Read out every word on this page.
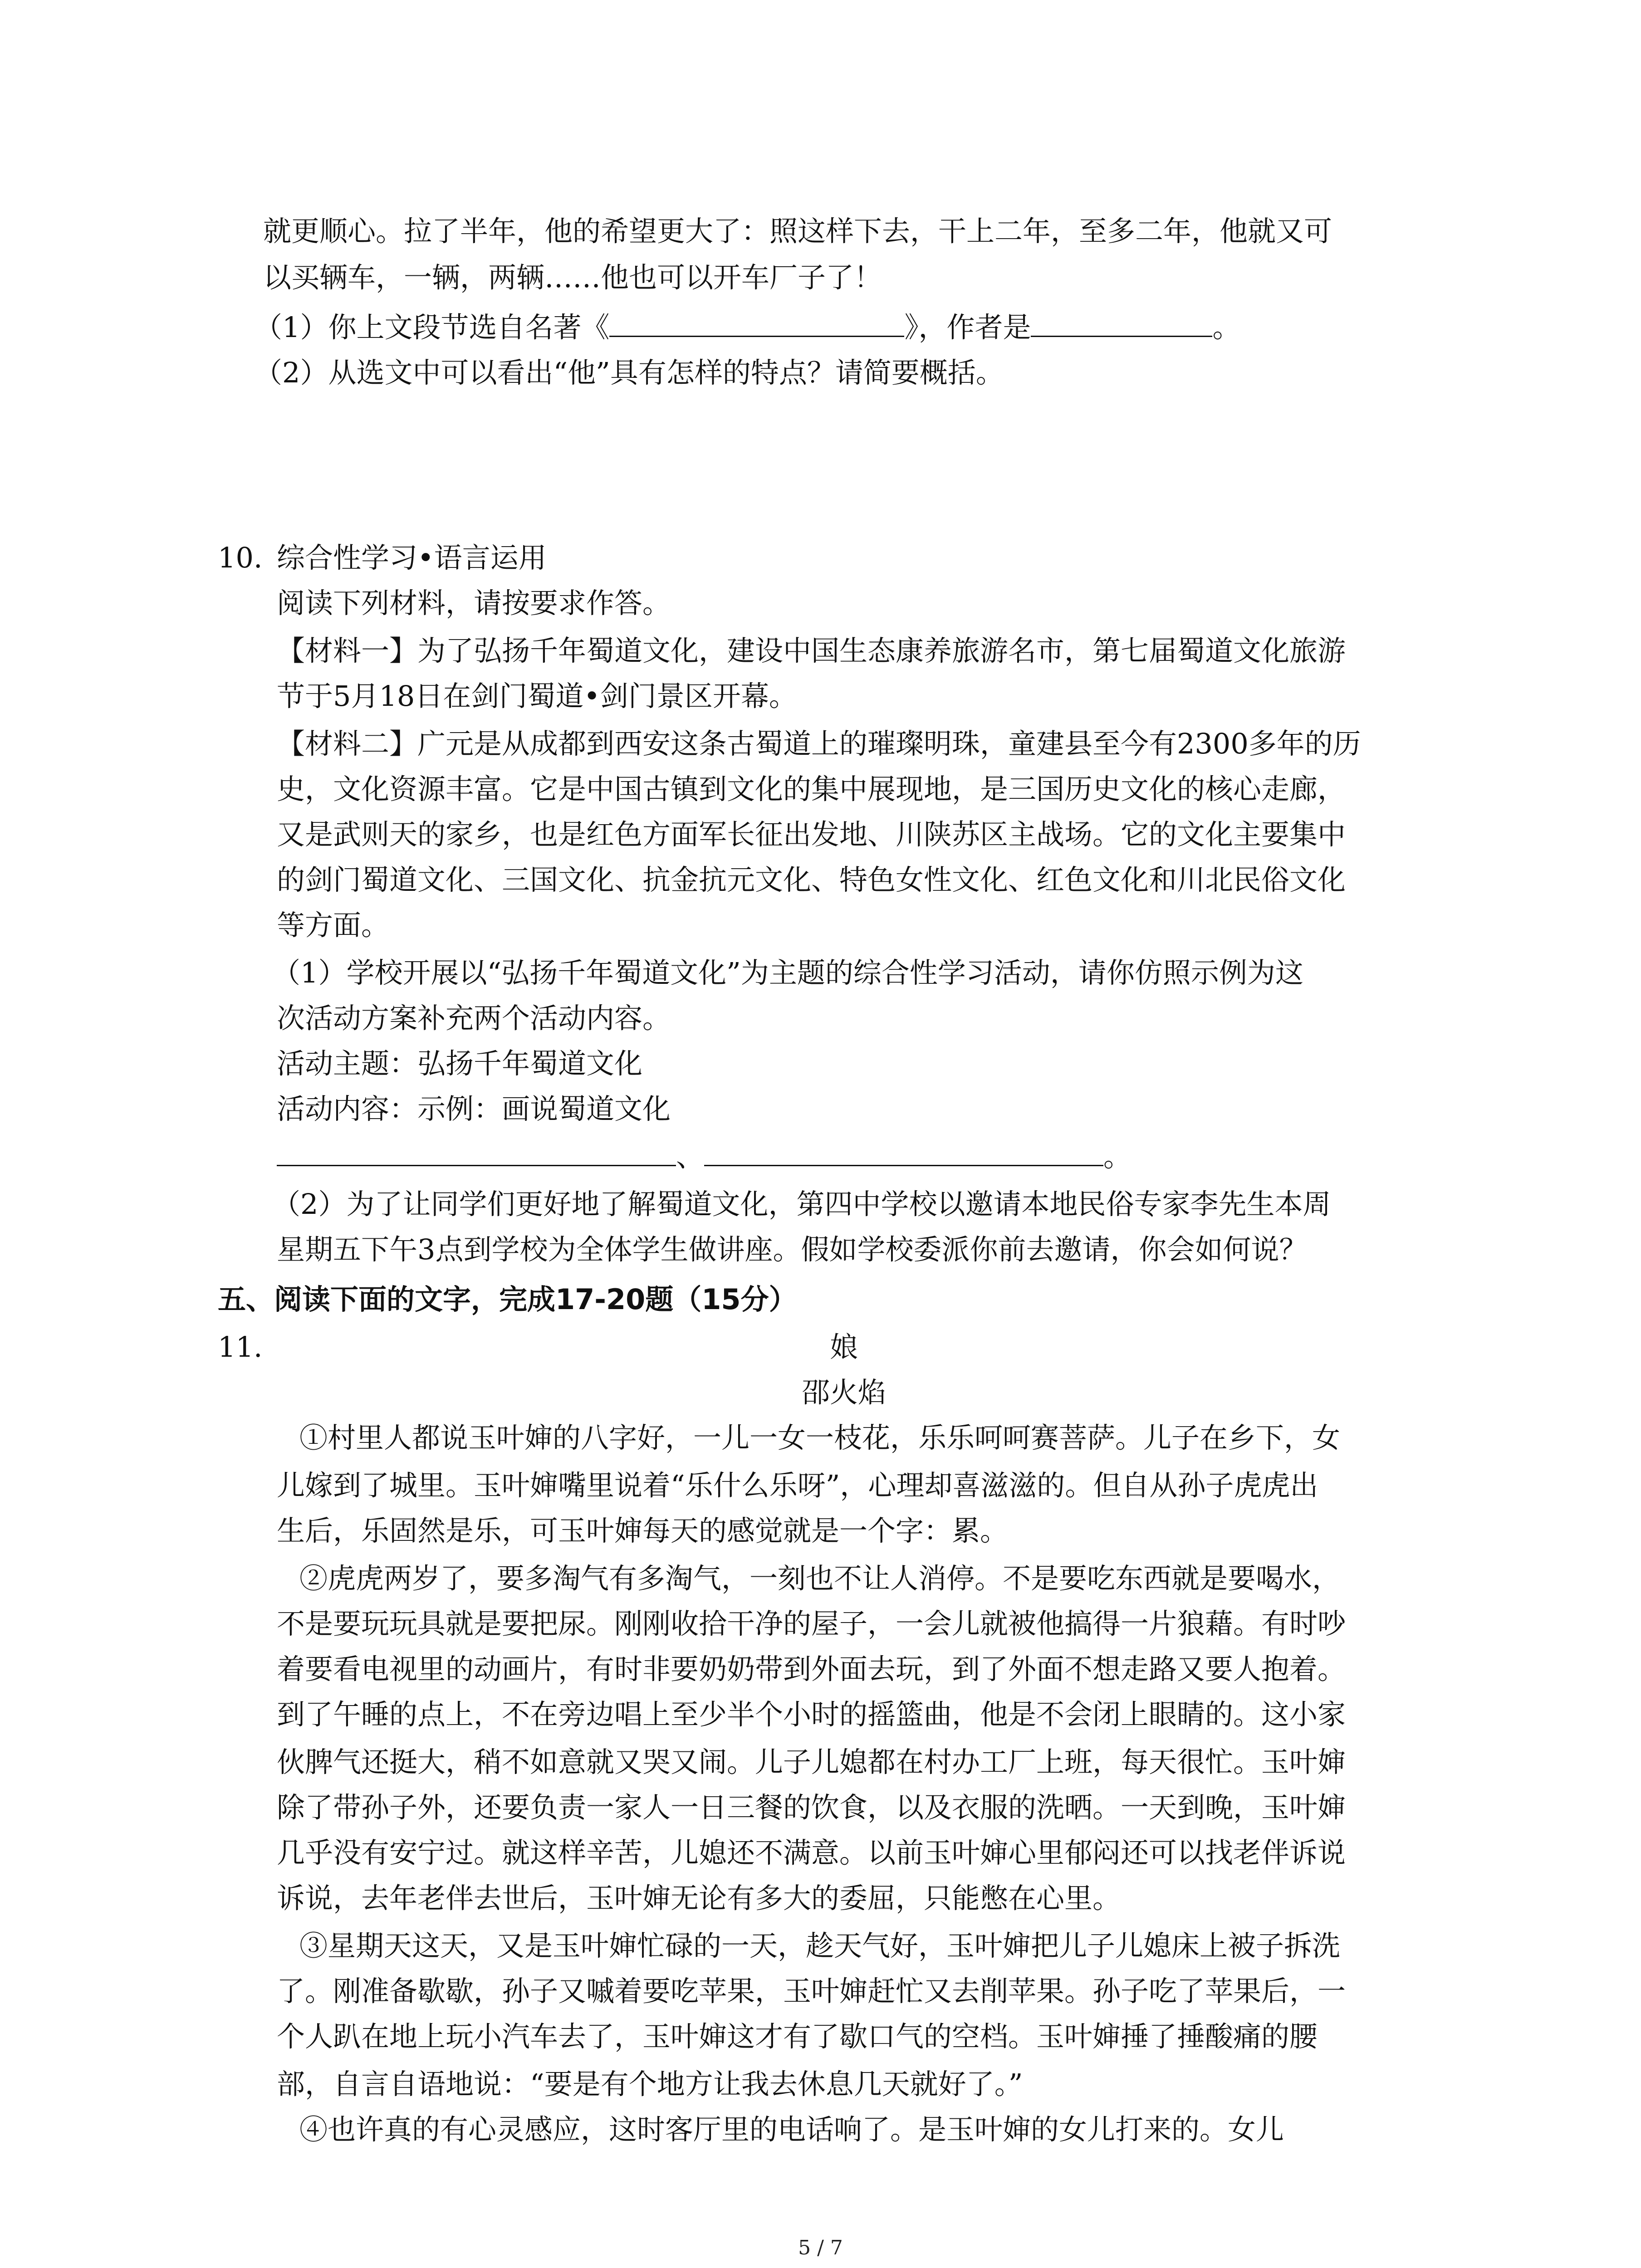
就更顺心。拉了半年，他的希望更大了：照这样下去，干上二年，至多二年，他就又可
以买辆车，一辆，两辆……他也可以开车厂子了！
（1）你上文段节选自名著《	》，作者是	。
（2）从选文中可以看出“他”具有怎样的特点？请简要概括。
10. 综合性学习•语言运用
阅读下列材料，请按要求作答。
【材料一】为了弘扬千年蜀道文化，建设中国生态康养旅游名市，第七届蜀道文化旅游
节于5月18日在剑门蜀道•剑门景区开幕。
【材料二】广元是从成都到西安这条古蜀道上的璀璨明珠，童建县至今有2300多年的历
史，文化资源丰富。它是中国古镇到文化的集中展现地，是三国历史文化的核心走廊，
又是武则天的家乡，也是红色方面军长征出发地、川陕苏区主战场。它的文化主要集中
的剑门蜀道文化、三国文化、抗金抗元文化、特色女性文化、红色文化和川北民俗文化
等方面。
（1）学校开展以“弘扬千年蜀道文化”为主题的综合性学习活动，请你仿照示例为这
次活动方案补充两个活动内容。
活动主题：弘扬千年蜀道文化
活动内容：示例：画说蜀道文化
、	。
（2）为了让同学们更好地了解蜀道文化，第四中学校以邀请本地民俗专家李先生本周
星期五下午3点到学校为全体学生做讲座。假如学校委派你前去邀请，你会如何说？
五、阅读下面的文字，完成17-20题（15分）
11.	娘
邵火焰
①村里人都说玉叶婶的八字好，一儿一女一枝花，乐乐呵呵赛菩萨。儿子在乡下，女
儿嫁到了城里。玉叶婶嘴里说着“乐什么乐呀”，心理却喜滋滋的。但自从孙子虎虎出
生后，乐固然是乐，可玉叶婶每天的感觉就是一个字：累。
②虎虎两岁了，要多淘气有多淘气，一刻也不让人消停。不是要吃东西就是要喝水，
不是要玩玩具就是要把尿。刚刚收拾干净的屋子，一会儿就被他搞得一片狼藉。有时吵
着要看电视里的动画片，有时非要奶奶带到外面去玩，到了外面不想走路又要人抱着。
到了午睡的点上，不在旁边唱上至少半个小时的摇篮曲，他是不会闭上眼睛的。这小家
伙脾气还挺大，稍不如意就又哭又闹。儿子儿媳都在村办工厂上班，每天很忙。玉叶婶
除了带孙子外，还要负责一家人一日三餐的饮食，以及衣服的洗晒。一天到晚，玉叶婶
几乎没有安宁过。就这样辛苦，儿媳还不满意。以前玉叶婶心里郁闷还可以找老伴诉说
诉说，去年老伴去世后，玉叶婶无论有多大的委屈，只能憋在心里。
③星期天这天，又是玉叶婶忙碌的一天，趁天气好，玉叶婶把儿子儿媳床上被子拆洗
了。刚准备歇歇，孙子又嘁着要吃苹果，玉叶婶赶忙又去削苹果。孙子吃了苹果后，一
个人趴在地上玩小汽车去了，玉叶婶这才有了歇口气的空档。玉叶婶捶了捶酸痛的腰
部，自言自语地说：“要是有个地方让我去休息几天就好了。”
④也许真的有心灵感应，这时客厅里的电话响了。是玉叶婶的女儿打来的。女儿
5 / 7
